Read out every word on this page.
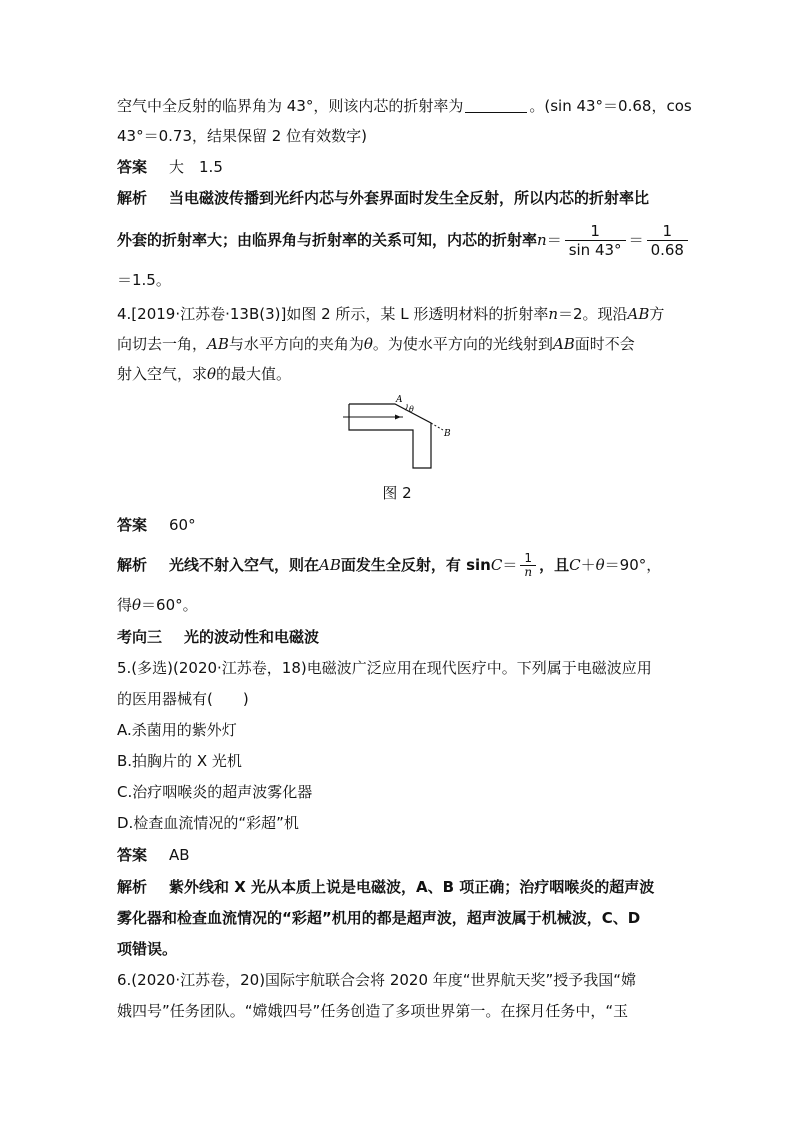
空气中全反射的临界角为 43°，则该内芯的折射率为	。(sin 43°＝0.68，cos
43°＝0.73，结果保留 2 位有效数字)
答案 大　1.5
解析 当电磁波传播到光纤内芯与外套界面时发生全反射，所以内芯的折射率比
外套的折射率大；由临界角与折射率的关系可知，内芯的折射率$n= \frac{1}{\sin 43^\circ} = \frac{1}{0.68}$
＝1.5。
4.[2019·江苏卷·13B(3)]如图 2 所示，某 L 形透明材料的折射率n＝2。现沿AB方
向切去一角，AB与水平方向的夹角为θ。为使水平方向的光线射到AB面时不会
射入空气，求θ的最大值。
A
θ
B
图 2
答案 60°
解析 光线不射入空气，则在AB面发生全反射，有 $\sin C= \frac{1}{n}$ ，且C＋θ＝90°，
得θ＝60°。
考向三 光的波动性和电磁波
5.(多选)(2020·江苏卷，18)电磁波广泛应用在现代医疗中。下列属于电磁波应用
的医用器械有(　　)
A.杀菌用的紫外灯
B.拍胸片的 X 光机
C.治疗咽喉炎的超声波雾化器
D.检查血流情况的“彩超”机
答案 AB
解析 紫外线和 X 光从本质上说是电磁波，A、B 项正确；治疗咽喉炎的超声波
雾化器和检查血流情况的“彩超”机用的都是超声波，超声波属于机械波，C、D
项错误。
6.(2020·江苏卷，20)国际宇航联合会将 2020 年度“世界航天奖”授予我国“嫦
娥四号”任务团队。“嫦娥四号”任务创造了多项世界第一。在探月任务中，“玉
